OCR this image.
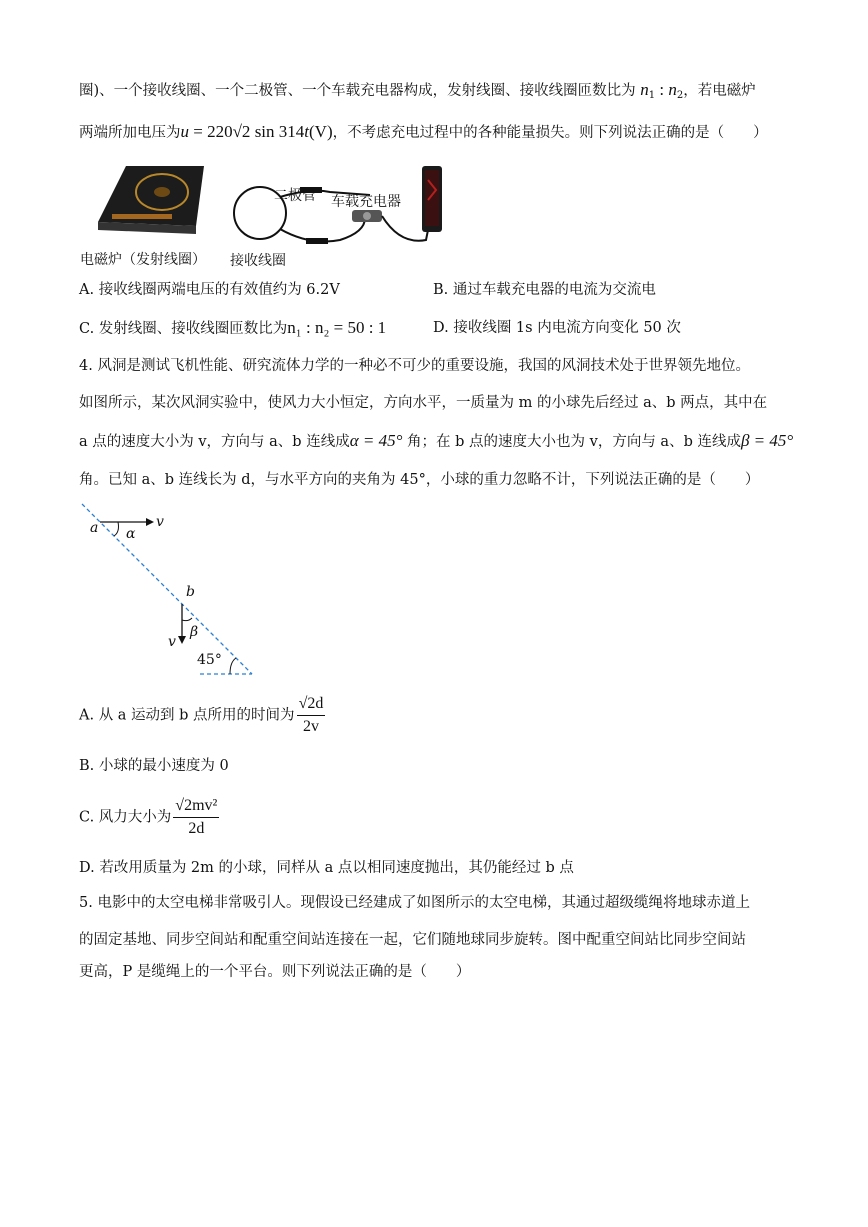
圈)、一个接收线圈、一个二极管、一个车载充电器构成，发射线圈、接收线圈匝数比为 $n_1$ : $n_2$，若电磁炉
两端所加电压为u = 220√2 sin 314t(V)，不考虑充电过程中的各种能量损失。则下列说法正确的是（　　）
二极管 车载充电器
电磁炉（发射线圈） 接收线圈
A. 接收线圈两端电压的有效值约为 6.2V	B. 通过车载充电器的电流为交流电
C. 发射线圈、接收线圈匝数比为n₁ : n₂ = 50 : 1	D. 接收线圈 1s 内电流方向变化 50 次
4. 风洞是测试飞机性能、研究流体力学的一种必不可少的重要设施，我国的风洞技术处于世界领先地位。
如图所示，某次风洞实验中，使风力大小恒定，方向水平，一质量为 m 的小球先后经过 a、b 两点，其中在
a 点的速度大小为 v，方向与 a、b 连线成α = 45° 角；在 b 点的速度大小也为 v，方向与 a、b 连线成β = 45°
角。已知 a、b 连线长为 d，与水平方向的夹角为 45°，小球的重力忽略不计，下列说法正确的是（　　）
a	v
α
b
β
v
45°
A. 从 a 运动到 b 点所用的时间为 $\frac{√2d}{2v}$
B. 小球的最小速度为 0
C. 风力大小为 $\frac{\text{√2mv²}}{2d}$
D. 若改用质量为 2m 的小球，同样从 a 点以相同速度抛出，其仍能经过 b 点
5. 电影中的太空电梯非常吸引人。现假设已经建成了如图所示的太空电梯，其通过超级缆绳将地球赤道上
的固定基地、同步空间站和配重空间站连接在一起，它们随地球同步旋转。图中配重空间站比同步空间站
更高，P 是缆绳上的一个平台。则下列说法正确的是（　　）
